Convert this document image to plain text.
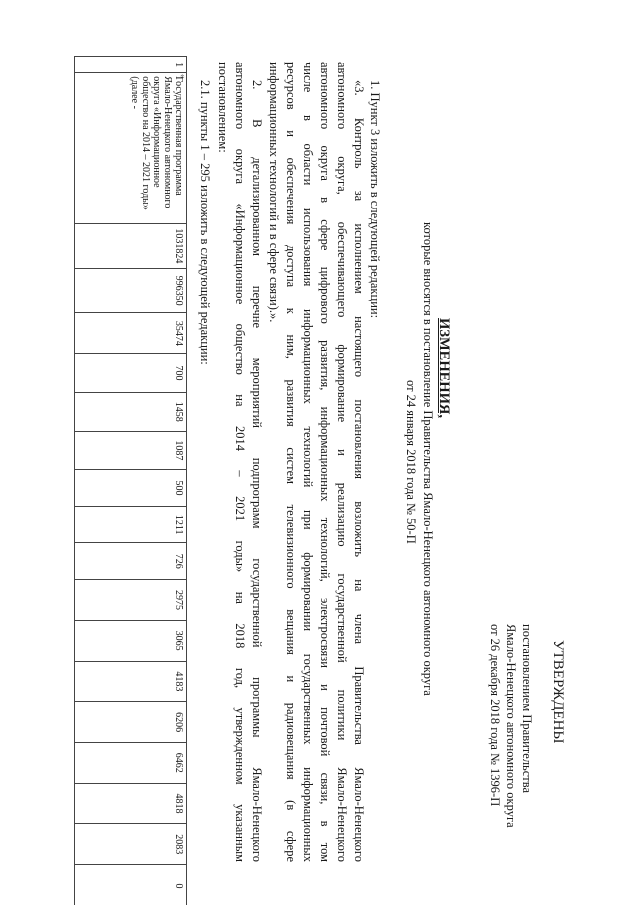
УТВЕРЖДЕНЫ
постановлением Правительства
Ямало-Ненецкого автономного округа
от 26 декабря 2018 года № 1396-П
ИЗМЕНЕНИЯ,
которые вносятся в постановление Правительства Ямало-Ненецкого автономного округа
от 24 января 2018 года № 50-П
1. Пункт 3 изложить в следующей редакции:
«3. Контроль за исполнением настоящего постановления возложить на члена Правительства Ямало-Ненецкого
автономного округа, обеспечивающего формирование и реализацию государственной политики Ямало-Ненецкого
автономного округа в сфере цифрового развития, информационных технологий, электросвязи и почтовой связи, в том
числе в области использования информационных технологий при формировании государственных информационных
ресурсов и обеспечения доступа к ним, развития систем телевизионного вещания и радиовещания (в сфере
информационных технологий и в сфере связи).».
2. В детализированном перечне мероприятий подпрограмм государственной программы Ямало-Ненецкого
автономного округа «Информационное общество на 2014 – 2021 годы» на 2018 год, утвержденном указанным
постановлением:
2.1. пункты 1 – 295 изложить в следующей редакции:
«
1	Государственная программа Ямало-Ненецкого автономного округа «Информационное общество на 2014 – 2021 годы» (далее -	1031824	996350	35474	700	1458	1087	500	1211	726	2975	3065	4183	6206	6462	4818	2083	0
